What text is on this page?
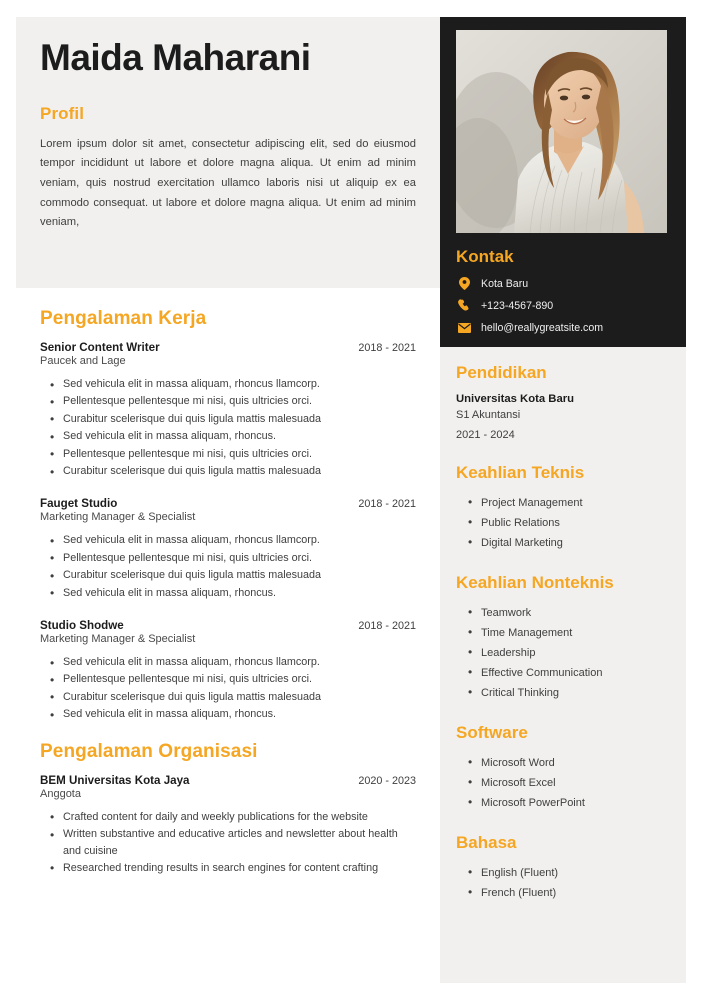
Maida Maharani
Profil
Lorem ipsum dolor sit amet, consectetur adipiscing elit, sed do eiusmod tempor incididunt ut labore et dolore magna aliqua. Ut enim ad minim veniam, quis nostrud exercitation ullamco laboris nisi ut aliquip ex ea commodo consequat. ut labore et dolore magna aliqua. Ut enim ad minim veniam,
Pengalaman Kerja
Senior Content Writer	2018 - 2021
Paucek and Lage
• Sed vehicula elit in massa aliquam, rhoncus llamcorp.
• Pellentesque pellentesque mi nisi, quis ultricies orci.
• Curabitur scelerisque dui quis ligula mattis malesuada
• Sed vehicula elit in massa aliquam, rhoncus.
• Pellentesque pellentesque mi nisi, quis ultricies orci.
• Curabitur scelerisque dui quis ligula mattis malesuada
Fauget Studio	2018 - 2021
Marketing Manager & Specialist
• Sed vehicula elit in massa aliquam, rhoncus llamcorp.
• Pellentesque pellentesque mi nisi, quis ultricies orci.
• Curabitur scelerisque dui quis ligula mattis malesuada
• Sed vehicula elit in massa aliquam, rhoncus.
Studio Shodwe	2018 - 2021
Marketing Manager & Specialist
• Sed vehicula elit in massa aliquam, rhoncus llamcorp.
• Pellentesque pellentesque mi nisi, quis ultricies orci.
• Curabitur scelerisque dui quis ligula mattis malesuada
• Sed vehicula elit in massa aliquam, rhoncus.
Pengalaman Organisasi
BEM Universitas Kota Jaya	2020 - 2023
Anggota
• Crafted content for daily and weekly publications for the website
• Written substantive and educative articles and newsletter about health and cuisine
• Researched trending results in search engines for content crafting
Kontak
Kota Baru
+123-4567-890
hello@reallygreatsite.com
Pendidikan
Universitas Kota Baru
S1 Akuntansi
2021 - 2024
Keahlian Teknis
• Project Management
• Public Relations
• Digital Marketing
Keahlian Nonteknis
• Teamwork
• Time Management
• Leadership
• Effective Communication
• Critical Thinking
Software
• Microsoft Word
• Microsoft Excel
• Microsoft PowerPoint
Bahasa
• English (Fluent)
• French (Fluent)
